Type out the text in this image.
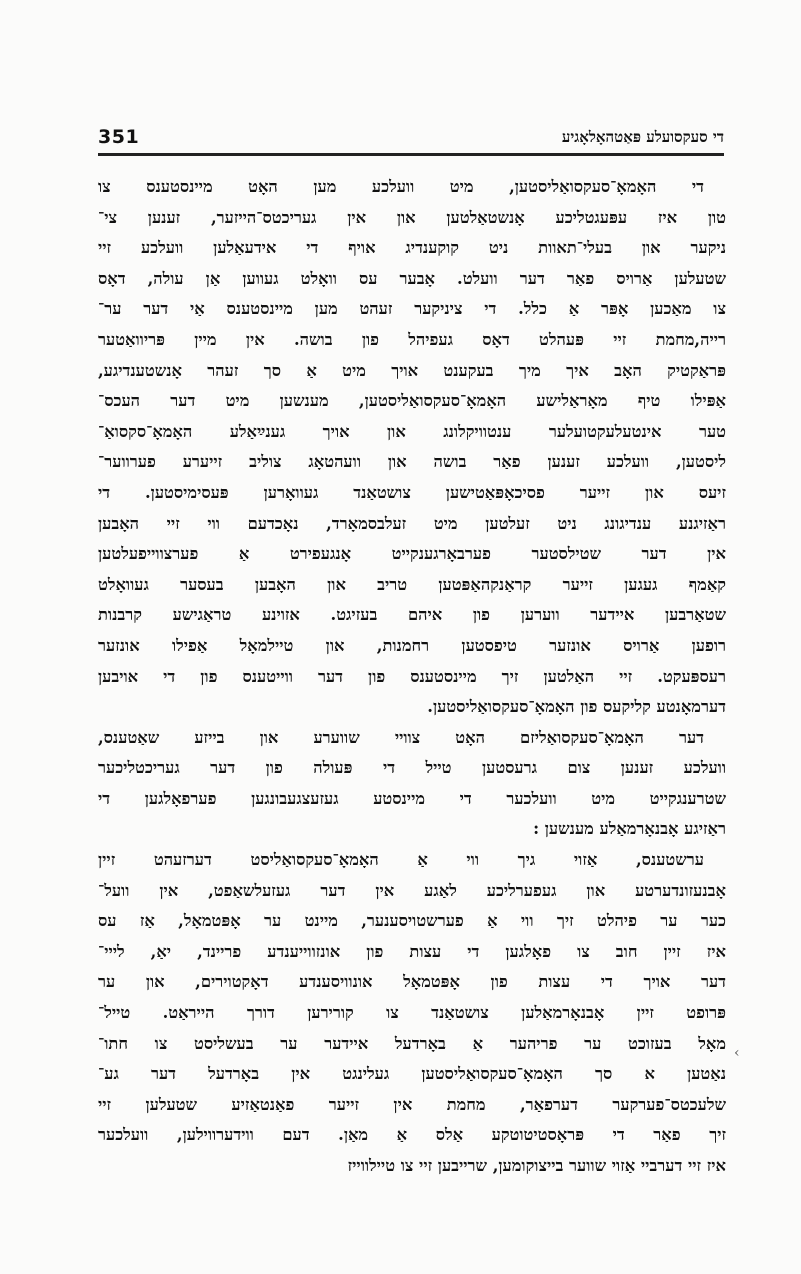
351	די סעקסועלע פּאַטהאָלאָגיע
די האָמאָ־סעקסואַליסטען, מיט וועלכע מען האָט מיינסטענס צו
טון איז עפּעגטליכע אָנשטאַלטען און אין געריכטס־הייזער, זענען צי־
ניקער און בעלי־תאוות ניט קוקענדיג אויף די אידעאַלען וועלכע זיי
שטעלען אַרויס פאַר דער וועלט. אָבער עס וואָלט געווען אַן עולה, דאָס
צו מאַכען אָפּר אַ כלל. די ציניקער זעהט מען מיינסטענס אַי דער ער־
רייה,מחמת זיי פּעהלט דאָס געפיהל פון בושה. אין מיין פּריוואַטער
פּראַקטיק האָב איך מיך בעקענט אויך מיט אַ סך זעהר אָנשטענדיגע,
אַפּילו טיף מאָראַלישע האָמאָ־סעקסואַליסטען, מענשען מיט דער העכס־
טער אינטעלעקטועלער ענטוויקלונג און אויך גענײַאַלע האָמאָ־סקסואַ־
ליסטען, וועלכע זענען פאַר בושה און וועהטאָג צוליב זייערע פערווער־
זיעס און זייער פסיכאָפּאַטישען צושטאַנד געוואָרען פּעסימיסטען. די
ראַזיגנע ענדיגונג ניט זעלטען מיט זעלבסמאָרד, נאָכדעם ווי זיי האָבען
אין דער שטילסטער פערבאָרגענקייט אָנגעפירט אַ פערצווייפעלטען
קאַמף געגען זייער קראַנקהאַפּטען טריב און האָבען בעסער געוואָלט
שטאַרבען איידער ווערען פון איהם בעזיגט. אזוינע טראַגישע קרבנות
רופען אַרויס אונזער טיפסטען רחמנות, און טיילמאָל אַפילו אונזער
רעספּעקט. זיי האַלטען זיך מיינסטענס פון דער ווייטענס פון די אויבען
דערמאָנטע קליקעס פון האָמאָ־סעקסואַליסטען.
דער האָמאָ־סעקסואַליזם האָט צוויי שווערע און בייזע שאַטענס,
וועלכע זענען צום גרעסטען טייל די פּעולה פון דער געריכטליכער
שטרענגקייט מיט וועלכער די מיינסטע געזעצגעבונגען פערפאָלגען די
ראַזיגע אָבנאָרמאַלע מענשען :
ערשטענס, אַזוי גיך ווי אַ האָמאָ־סעקסואַליסט דערזעהט זיין
אָבנעזונדערטע און געפערליכע לאַגע אין דער געזעלשאַפט, אין וועל־
כער ער פיהלט זיך ווי אַ פערשטויסענער, מיינט ער אָפּטמאָל, אַז עס
איז זיין חוב צו פאָלגען די עצות פון אונזווייענדע פריינד, יאַ, לייי־
דער אויך די עצות פון אָפּטמאָל אונוויסענדע דאָקטוירים, און ער
פּרופט זיין אָבנאָרמאַלען צושטאַנד צו קורירען דורך הייראַט. טייל־
מאָל בעזוכט ער פריהער אַ באָרדעל איידער ער בעשליסט צו חתו־
נאַטען א סך האָמאָ־סעקסואַליסטען געלינגט אין באָרדעל דער גע־
שלעכטס־פערקער דערפאַר, מחמת אין זייער פאַנטאַזיע שטעלען זיי
זיך פאַר די פּראָסטיטוטקע אַלס אַ מאַן. דעם ווידערווילען, וועלכער
איז זיי דערביי אַזוי שווער בייצוקומען, שרייבען זיי צו טיילווייז
‹
